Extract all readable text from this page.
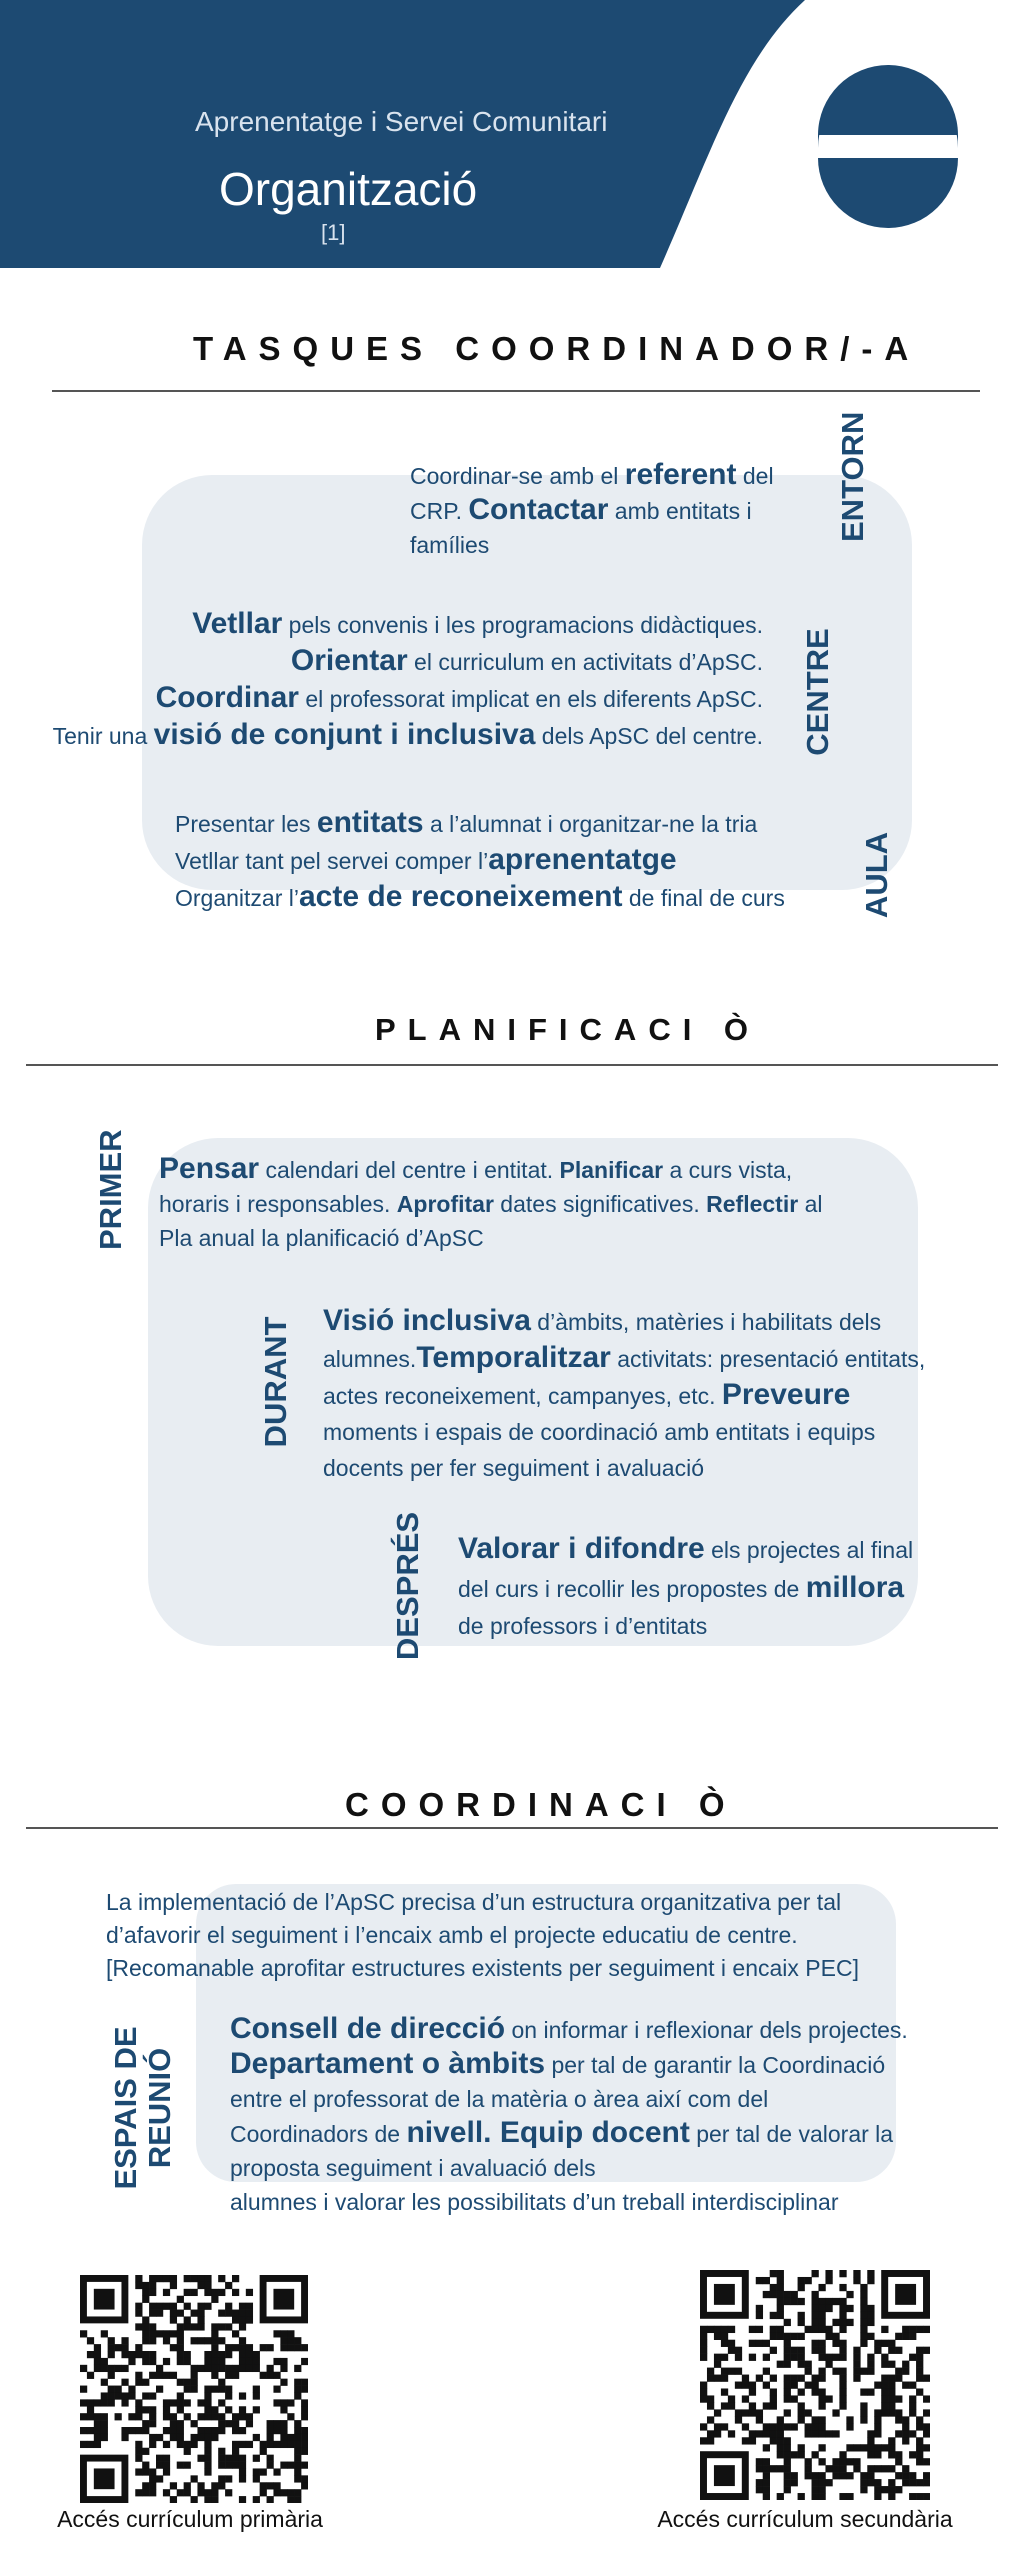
Aprenentatge i Servei Comunitari
Organització
[1]
TASQUES COORDINADOR/-A
ENTORN

Coordinar-se amb el referent del

CRP. Contactar amb entitats i

famílies

CENTRE

Vetllar pels convenis i les programacions didàctiques.

Orientar el curriculum en activitats d’ApSC.

Coordinar el professorat implicat en els diferents ApSC.

Tenir una visió de conjunt i inclusiva dels ApSC del centre.

AULA

Presentar les entitats a l’alumnat i organitzar-ne la tria

Vetllar tant pel servei comper l’aprenentatge

Organitzar l’acte de reconeixement de final de curs

PLANIFICACI Ò
PRIMER Pensar calendari del centre i entitat. Planificar a curs vista,

horaris i responsables. Aprofitar dates significatives. Reflectir al

Pla anual la planificació d’ApSC

DURANT Visió inclusiva d’àmbits, matèries i habilitats dels

alumnes.Temporalitzar activitats: presentació entitats,

actes reconeixement, campanyes, etc. Preveure

moments i espais de coordinació amb entitats i equips

docents per fer seguiment i avaluació

DESPRÉS Valorar i difondre els projectes al final

del curs i recollir les propostes de millora

de professors i d’entitats

COORDINACI Ò

La implementació de l’ApSC precisa d’un estructura organitzativa per tal

d’afavorir el seguiment i l’encaix amb el projecte educatiu de centre.

[Recomanable aprofitar estructures existents per seguiment i encaix PEC]

ESPAIS DE REUNIÓ

Consell de direcció on informar i reflexionar dels projectes.

Departament o àmbits per tal de garantir la Coordinació

entre el professorat de la matèria o àrea així com del

Coordinadors de nivell. Equip docent per tal de valorar la

proposta seguiment i avaluació dels

alumnes i valorar les possibilitats d’un treball interdisciplinar

Accés currículum primària	Accés currículum secundària
